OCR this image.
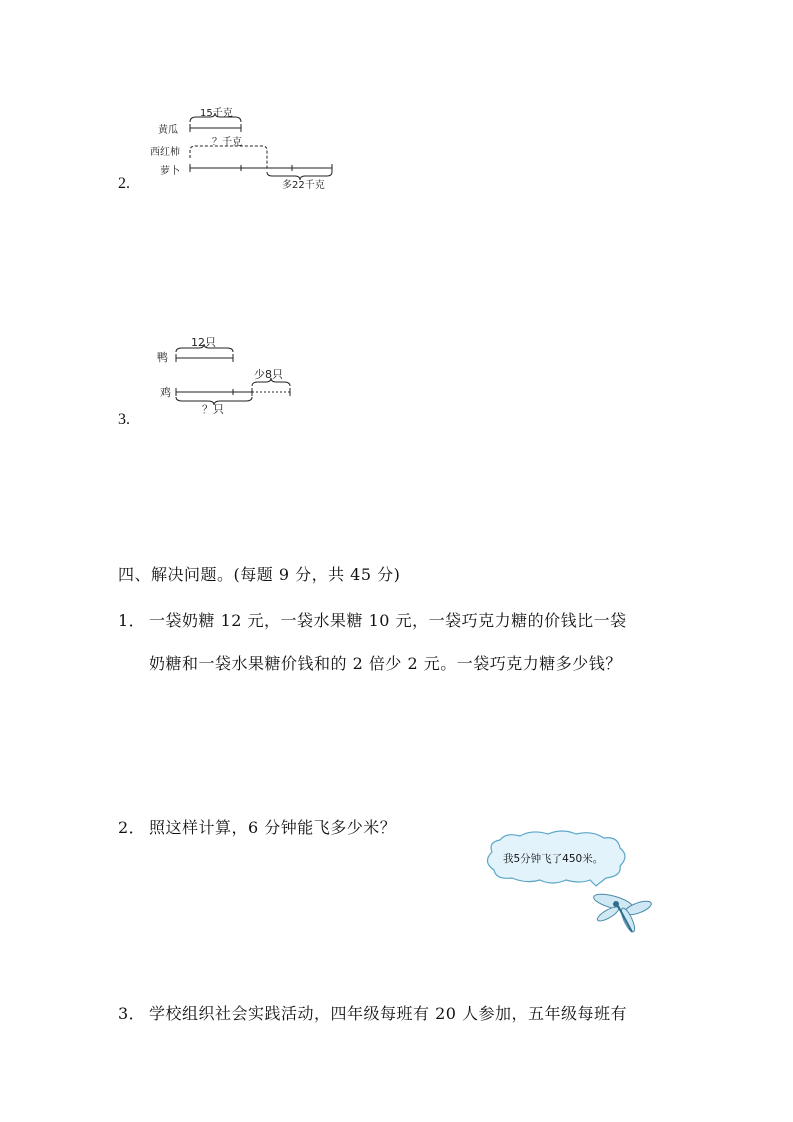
2.
黄瓜
西红柿
萝卜
15千克
？千克
多22千克
3.
鸭
鸡
12只
少8只
？只
四、解决问题。(每题 9 分，共 45 分)
1． 一袋奶糖 12 元，一袋水果糖 10 元，一袋巧克力糖的价钱比一袋
奶糖和一袋水果糖价钱和的 2 倍少 2 元。一袋巧克力糖多少钱？
2． 照这样计算，6 分钟能飞多少米？
我5分钟飞了450米。
3． 学校组织社会实践活动，四年级每班有 20 人参加，五年级每班有
